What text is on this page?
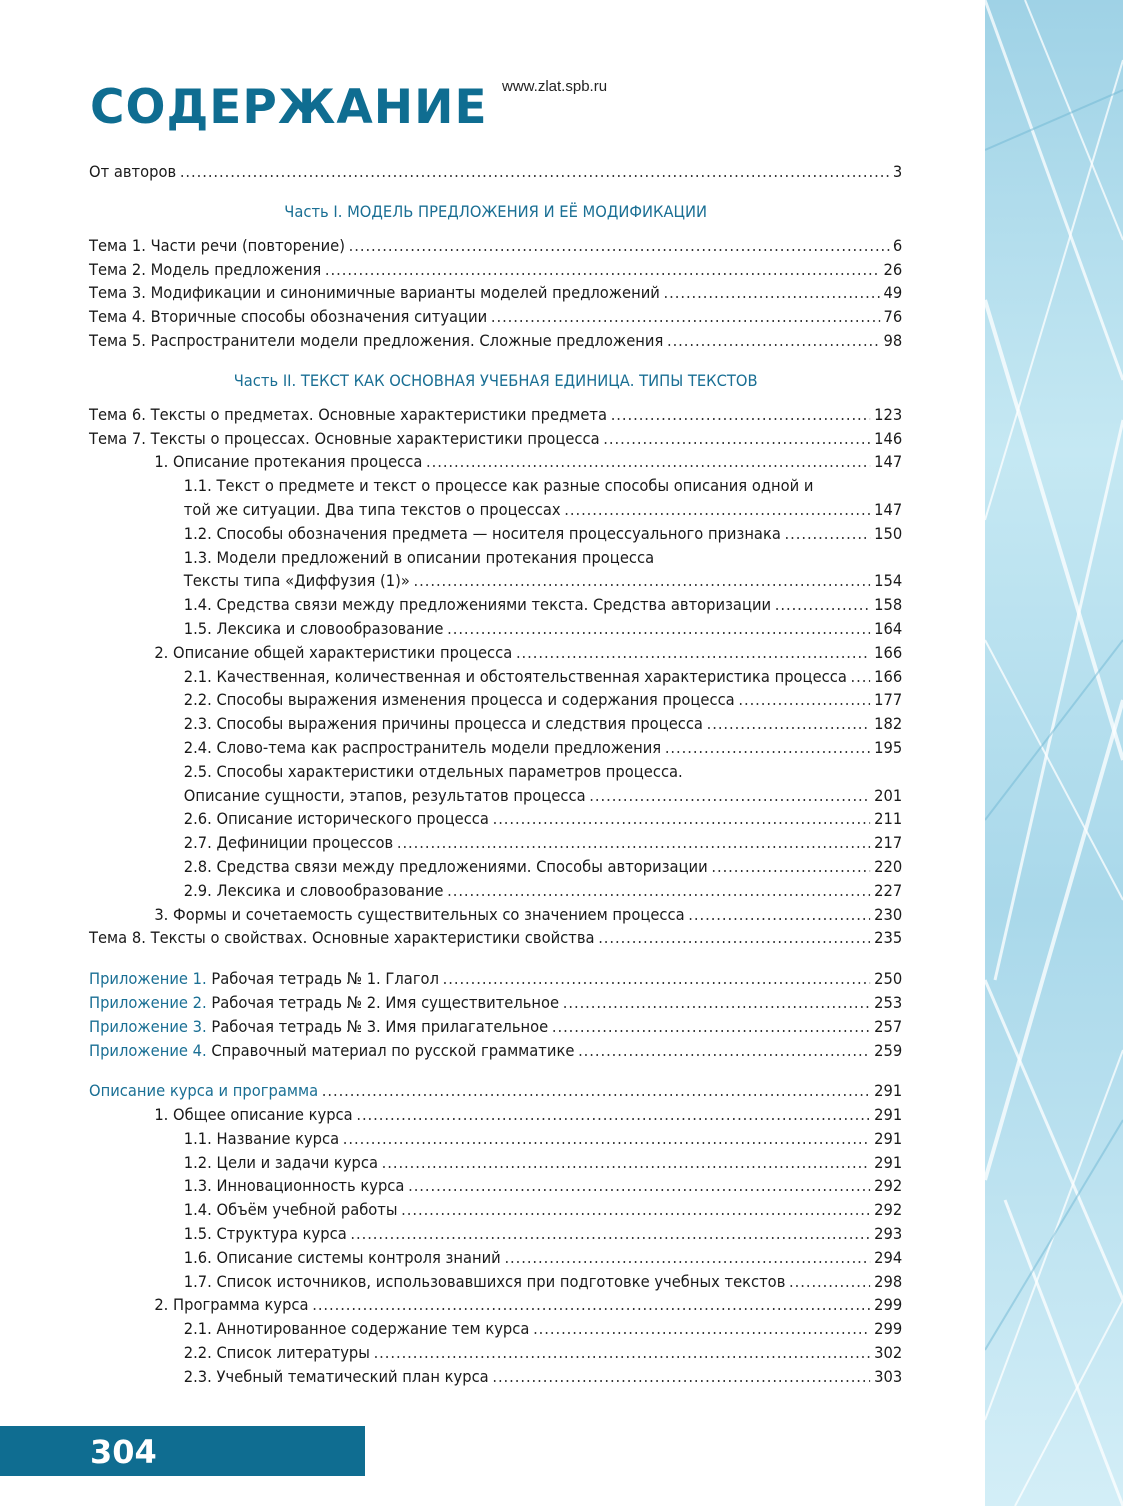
СОДЕРЖАНИЕ www.zlat.spb.ru
От авторов .....	3
Часть I. МОДЕЛЬ ПРЕДЛОЖЕНИЯ И ЕЁ МОДИФИКАЦИИ
Тема 1. Части речи (повторение) .....	6
Тема 2. Модель предложения .....	26
Тема 3. Модификации и синонимичные варианты моделей предложений .....	49
Тема 4. Вторичные способы обозначения ситуации .....	76
Тема 5. Распространители модели предложения. Сложные предложения .....	98
Часть II. ТЕКСТ КАК ОСНОВНАЯ УЧЕБНАЯ ЕДИНИЦА. ТИПЫ ТЕКСТОВ
Тема 6. Тексты о предметах. Основные характеристики предмета .....	123
Тема 7. Тексты о процессах. Основные характеристики процесса .....	146
1. Описание протекания процесса .....	147
1.1. Текст о предмете и текст о процессе как разные способы описания одной и
той же ситуации. Два типа текстов о процессах .....	147
1.2. Способы обозначения предмета — носителя процессуального признака .....	150
1.3. Модели предложений в описании протекания процесса
Тексты типа «Диффузия (1)» .....	154
1.4. Средства связи между предложениями текста. Средства авторизации .....	158
1.5. Лексика и словообразование .....	164
2. Описание общей характеристики процесса .....	166
2.1. Качественная, количественная и обстоятельственная характеристика процесса ..... 166
2.2. Способы выражения изменения процесса и содержания процесса .....	177
2.3. Способы выражения причины процесса и следствия процесса .....	182
2.4. Слово-тема как распространитель модели предложения .....	195
2.5. Способы характеристики отдельных параметров процесса.
Описание сущности, этапов, результатов процесса .....	201
2.6. Описание исторического процесса .....	211
2.7. Дефиниции процессов .....	217
2.8. Средства связи между предложениями. Способы авторизации .....	220
2.9. Лексика и словообразование .....	227
3. Формы и сочетаемость существительных со значением процесса .....	230
Тема 8. Тексты о свойствах. Основные характеристики свойства .....	235
Приложение 1. Рабочая тетрадь № 1. Глагол .....	250
Приложение 2. Рабочая тетрадь № 2. Имя существительное .....	253
Приложение 3. Рабочая тетрадь № 3. Имя прилагательное .....	257
Приложение 4. Справочный материал по русской грамматике .....	259
Описание курса и программа .....	291
1. Общее описание курса .....	291
1.1. Название курса .....	291
1.2. Цели и задачи курса .....	291
1.3. Инновационность курса .....	292
1.4. Объём учебной работы .....	292
1.5. Структура курса .....	293
1.6. Описание системы контроля знаний .....	294
1.7. Список источников, использовавшихся при подготовке учебных текстов .....	298
2. Программа курса .....	299
2.1. Аннотированное содержание тем курса .....	299
2.2. Список литературы .....	302
2.3. Учебный тематический план курса .....	303
304
